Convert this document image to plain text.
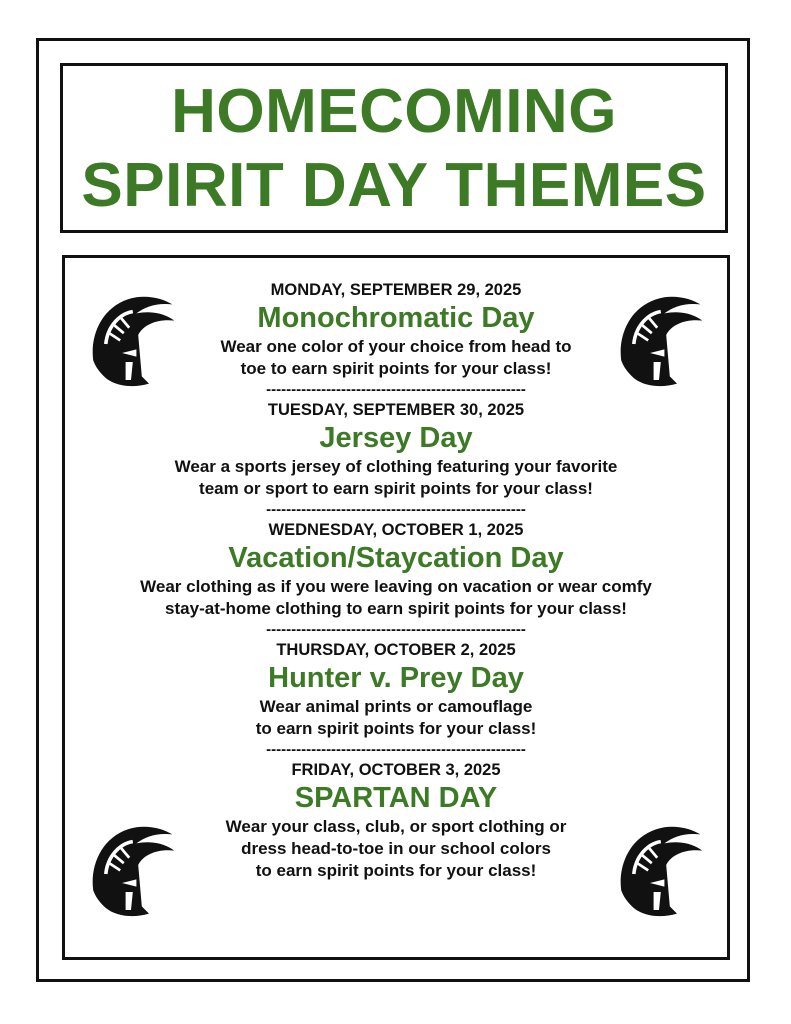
HOMECOMING
SPIRIT DAY THEMES
MONDAY, SEPTEMBER 29, 2025
Monochromatic Day
Wear one color of your choice from head to
toe to earn spirit points for your class!
----------------------------------------------------
TUESDAY, SEPTEMBER 30, 2025
Jersey Day
Wear a sports jersey of clothing featuring your favorite
team or sport to earn spirit points for your class!
----------------------------------------------------
WEDNESDAY, OCTOBER 1, 2025
Vacation/Staycation Day
Wear clothing as if you were leaving on vacation or wear comfy
stay-at-home clothing to earn spirit points for your class!
----------------------------------------------------
THURSDAY, OCTOBER 2, 2025
Hunter v. Prey Day
Wear animal prints or camouflage
to earn spirit points for your class!
----------------------------------------------------
FRIDAY, OCTOBER 3, 2025
SPARTAN DAY
Wear your class, club, or sport clothing or
dress head-to-toe in our school colors
to earn spirit points for your class!
